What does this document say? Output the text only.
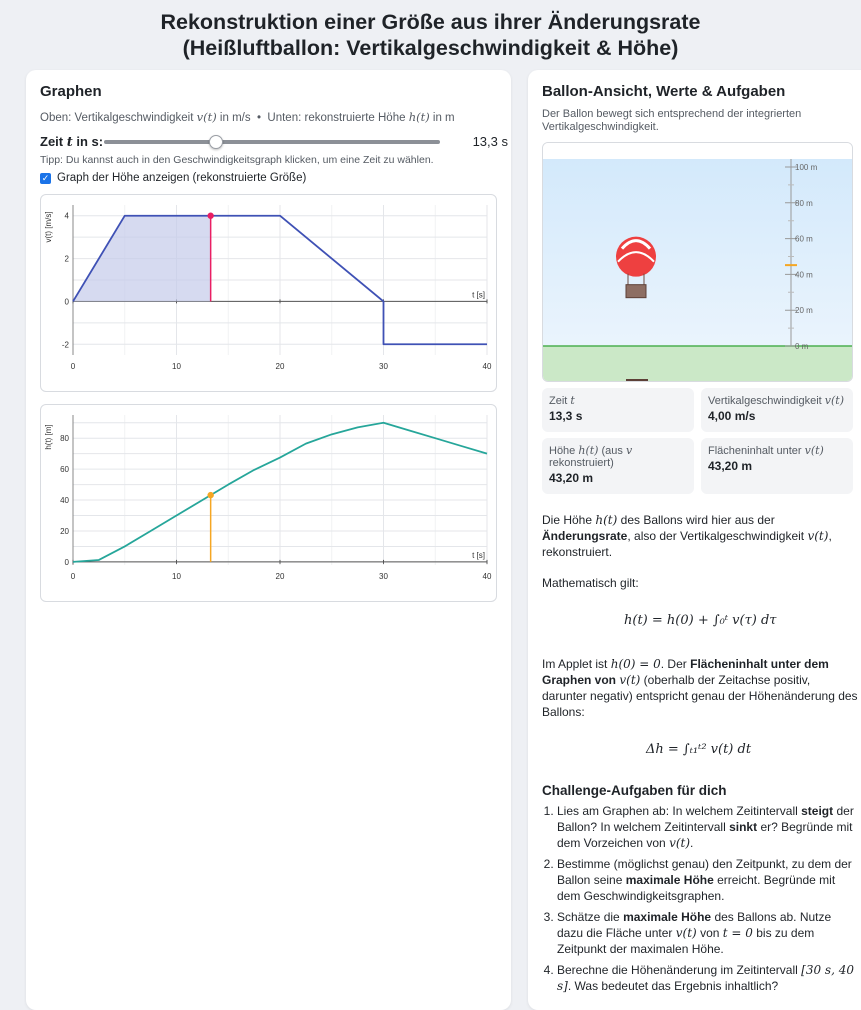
Rekonstruktion einer Größe aus ihrer Änderungsrate
(Heißluftballon: Vertikalgeschwindigkeit & Höhe)
Graphen
Oben: Vertikalgeschwindigkeit v(t) in m/s • Unten: rekonstruierte Höhe h(t) in m
Zeit t in s:	13,3 s
Tipp: Du kannst auch in den Geschwindigkeitsgraph klicken, um eine Zeit zu wählen.
✓ Graph der Höhe anzeigen (rekonstruierte Größe)
0	10	20	30	40
-2
0
2
4
t [s]
v(t) [m/s]
0	10	20	30	40
0
20
40
60
80
t [s]
h(t) [m]
Ballon-Ansicht, Werte & Aufgaben
Der Ballon bewegt sich entsprechend der integrierten Vertikalgeschwindigkeit.
100 m
80 m
60 m
40 m
20 m
0 m
Zeit t
13,3 s
Vertikalgeschwindigkeit v(t)
4,00 m/s
Höhe h(t) (aus v rekonstruiert)
43,20 m
Flächeninhalt unter v(t)
43,20 m
Die Höhe h(t) des Ballons wird hier aus der Änderungsrate, also der Vertikalgeschwindigkeit v(t), rekonstruiert.
Mathematisch gilt:
h(t) = h(0) + ∫₀ᵗ v(τ) dτ
Im Applet ist h(0) = 0. Der Flächeninhalt unter dem Graphen von v(t) (oberhalb der Zeitachse positiv, darunter negativ) entspricht genau der Höhenänderung des Ballons:
Δh = ∫ₜ₁ᵗ² v(t) dt
Challenge-Aufgaben für dich
1. Lies am Graphen ab: In welchem Zeitintervall steigt der Ballon? In welchem Zeitintervall sinkt er? Begründe mit dem Vorzeichen von v(t).
2. Bestimme (möglichst genau) den Zeitpunkt, zu dem der Ballon seine maximale Höhe erreicht. Begründe mit dem Geschwindigkeitsgraphen.
3. Schätze die maximale Höhe des Ballons ab. Nutze dazu die Fläche unter v(t) von t = 0 bis zu dem Zeitpunkt der maximalen Höhe.
4. Berechne die Höhenänderung im Zeitintervall [30 s, 40 s]. Was bedeutet das Ergebnis inhaltlich?
